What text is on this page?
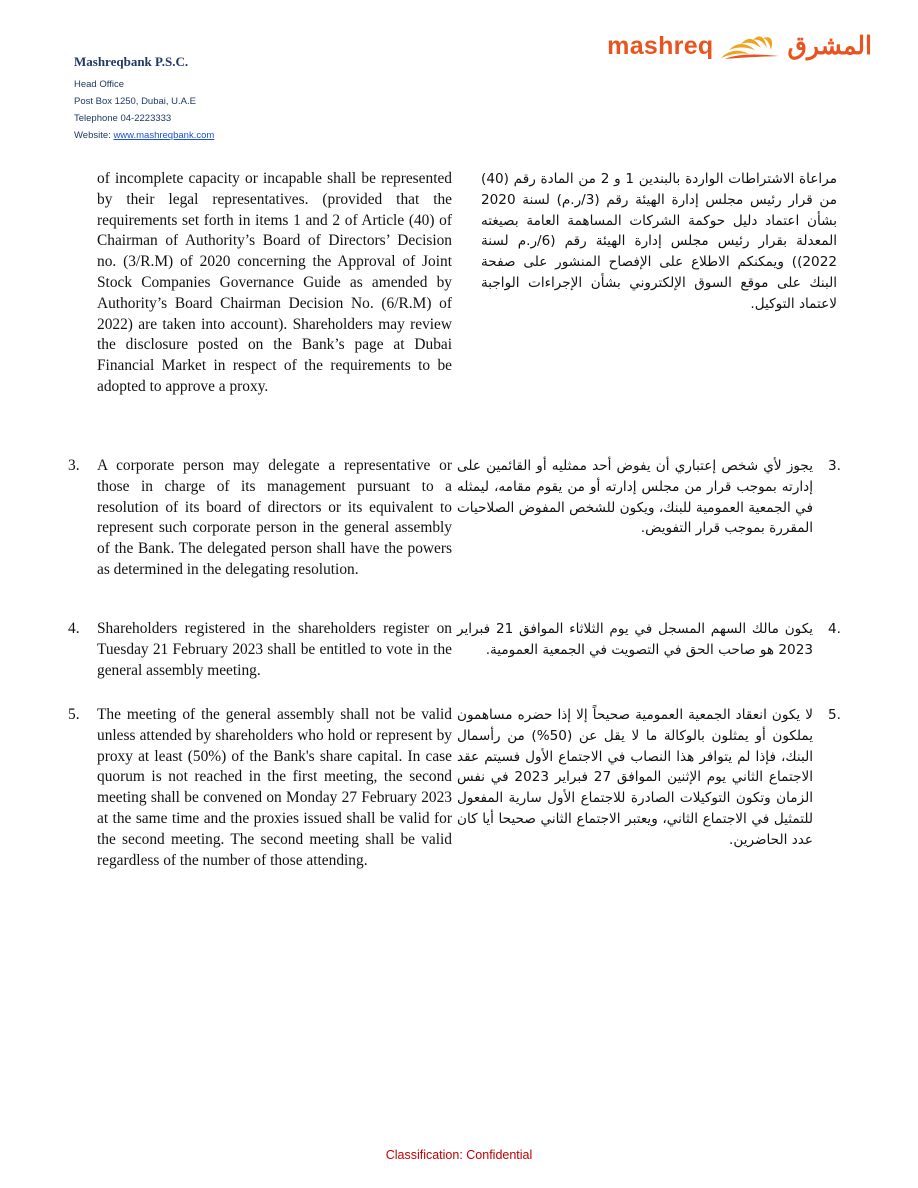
Mashreqbank P.S.C.
Head Office
Post Box 1250, Dubai, U.A.E
Telephone 04-2223333
Website: www.mashreqbank.com
mashreq	المشرق
of incomplete capacity or incapable shall be represented by their legal representatives. (provided that the requirements set forth in items 1 and 2 of Article (40) of Chairman of Authority’s Board of Directors’ Decision no. (3/R.M) of 2020 concerning the Approval of Joint Stock Companies Governance Guide as amended by Authority’s Board Chairman Decision No. (6/R.M) of 2022) are taken into account). Shareholders may review the disclosure posted on the Bank’s page at Dubai Financial Market in respect of the requirements to be adopted to approve a proxy.
3. A corporate person may delegate a representative or those in charge of its management pursuant to a resolution of its board of directors or its equivalent to represent such corporate person in the general assembly of the Bank. The delegated person shall have the powers as determined in the delegating resolution.
4. Shareholders registered in the shareholders register on Tuesday 21 February 2023 shall be entitled to vote in the general assembly meeting.
5. The meeting of the general assembly shall not be valid unless attended by shareholders who hold or represent by proxy at least (50%) of the Bank's share capital. In case quorum is not reached in the first meeting, the second meeting shall be convened on Monday 27 February 2023 at the same time and the proxies issued shall be valid for the second meeting. The second meeting shall be valid regardless of the number of those attending.
مراعاة الاشتراطات الواردة بالبندين 1 و 2 من المادة رقم (40) من قرار رئيس مجلس إدارة الهيئة رقم (3/ر.م) لسنة 2020 بشأن اعتماد دليل حوكمة الشركات المساهمة العامة بصيغته المعدلة بقرار رئيس مجلس إدارة الهيئة رقم (6/ر.م لسنة 2022)) ويمكنكم الاطلاع على الإفصاح المنشور على صفحة البنك على موقع السوق الإلكتروني بشأن الإجراءات الواجبة لاعتماد التوكيل.
3.
يجوز لأي شخص إعتباري أن يفوض أحد ممثليه أو القائمين على إدارته بموجب قرار من مجلس إدارته أو من يقوم مقامه، ليمثله في الجمعية العمومية للبنك، ويكون للشخص المفوض الصلاحيات المقررة بموجب قرار التفويض.
4.
يكون مالك السهم المسجل في يوم الثلاثاء الموافق 21 فبراير 2023 هو صاحب الحق في التصويت في الجمعية العمومية.
5.
لا يكون انعقاد الجمعية العمومية صحيحاً إلا إذا حضره مساهمون يملكون أو يمثلون بالوكالة ما لا يقل عن (50%) من رأسمال البنك، فإذا لم يتوافر هذا النصاب في الاجتماع الأول فسيتم عقد الاجتماع الثاني يوم الإثنين الموافق 27 فبراير 2023 في نفس الزمان وتكون التوكيلات الصادرة للاجتماع الأول سارية المفعول للتمثيل في الاجتماع الثاني، ويعتبر الاجتماع الثاني صحيحا أيا كان عدد الحاضرين.
Classification: Confidential
